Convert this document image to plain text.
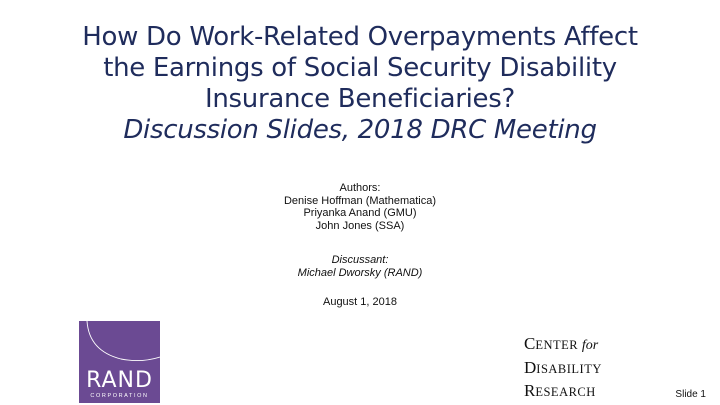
How Do Work-Related Overpayments Affect
the Earnings of Social Security Disability
Insurance Beneficiaries?
Discussion Slides, 2018 DRC Meeting
Authors:
Denise Hoffman (Mathematica)
Priyanka Anand (GMU)
John Jones (SSA)
Discussant:
Michael Dworsky (RAND)
August 1, 2018
RAND
CORPORATION
CENTER for
DISABILITY
RESEARCH	Slide 1
